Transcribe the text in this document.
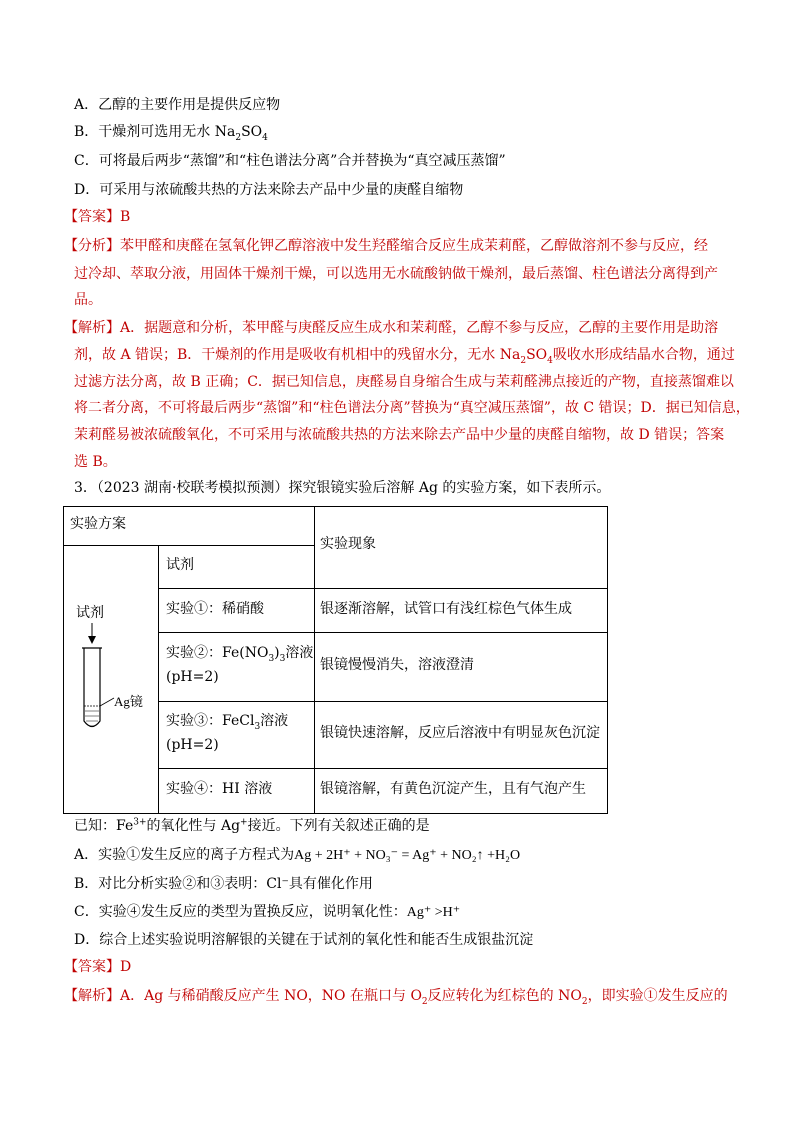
A．乙醇的主要作用是提供反应物
B．干燥剂可选用无水 $Na_2SO_4$
C．可将最后两步“蒸馏”和“柱色谱法分离”合并替换为“真空减压蒸馏”
D．可采用与浓硫酸共热的方法来除去产品中少量的庚醛自缩物
【答案】B
【分析】苯甲醛和庚醛在氢氧化钾乙醇溶液中发生羟醛缩合反应生成茉莉醛，乙醇做溶剂不参与反应，经
过冷却、萃取分液，用固体干燥剂干燥，可以选用无水硫酸钠做干燥剂，最后蒸馏、柱色谱法分离得到产
品。
【解析】A．据题意和分析，苯甲醛与庚醛反应生成水和茉莉醛，乙醇不参与反应，乙醇的主要作用是助溶
剂，故 A 错误；B．干燥剂的作用是吸收有机相中的残留水分，无水 $Na_2SO_4$吸收水形成结晶水合物，通过
过滤方法分离，故 B 正确；C．据已知信息，庚醛易自身缩合生成与茉莉醛沸点接近的产物，直接蒸馏难以
将二者分离，不可将最后两步“蒸馏”和“柱色谱法分离”替换为“真空减压蒸馏”，故 C 错误；D．据已知信息，
茉莉醛易被浓硫酸氧化，不可采用与浓硫酸共热的方法来除去产品中少量的庚醛自缩物，故 D 错误；答案
选 B。
3．（2023 湖南·校联考模拟预测）探究银镜实验后溶解 Ag 的实验方案，如下表所示。
实验方案
实验现象
试剂
试剂
Ag镜
实验①：稀硝酸	银逐渐溶解，试管口有浅红棕色气体生成
实验②：$Fe(NO_3)_3$溶液
(pH=2)
银镜慢慢消失，溶液澄清
实验③：FeCl$_3$溶液
(pH=2)
银镜快速溶解，反应后溶液中有明显灰色沉淀
实验④：HI 溶液	银镜溶解，有黄色沉淀产生，且有气泡产生
已知：$Fe^{3+}$的氧化性与 Ag+接近。下列有关叙述正确的是
A．实验①发生反应的离子方程式为Ag + 2H⁺ + NO₃⁻ = Ag⁺ + NO₂↑ +H₂O
B．对比分析实验②和③表明：Cl⁻具有催化作用
C．实验④发生反应的类型为置换反应，说明氧化性：Ag⁺ >H⁺
D．综合上述实验说明溶解银的关键在于试剂的氧化性和能否生成银盐沉淀
【答案】D
【解析】A．Ag 与稀硝酸反应产生 NO，NO 在瓶口与 $O_2$反应转化为红棕色的 $NO_2$，即实验①发生反应的
